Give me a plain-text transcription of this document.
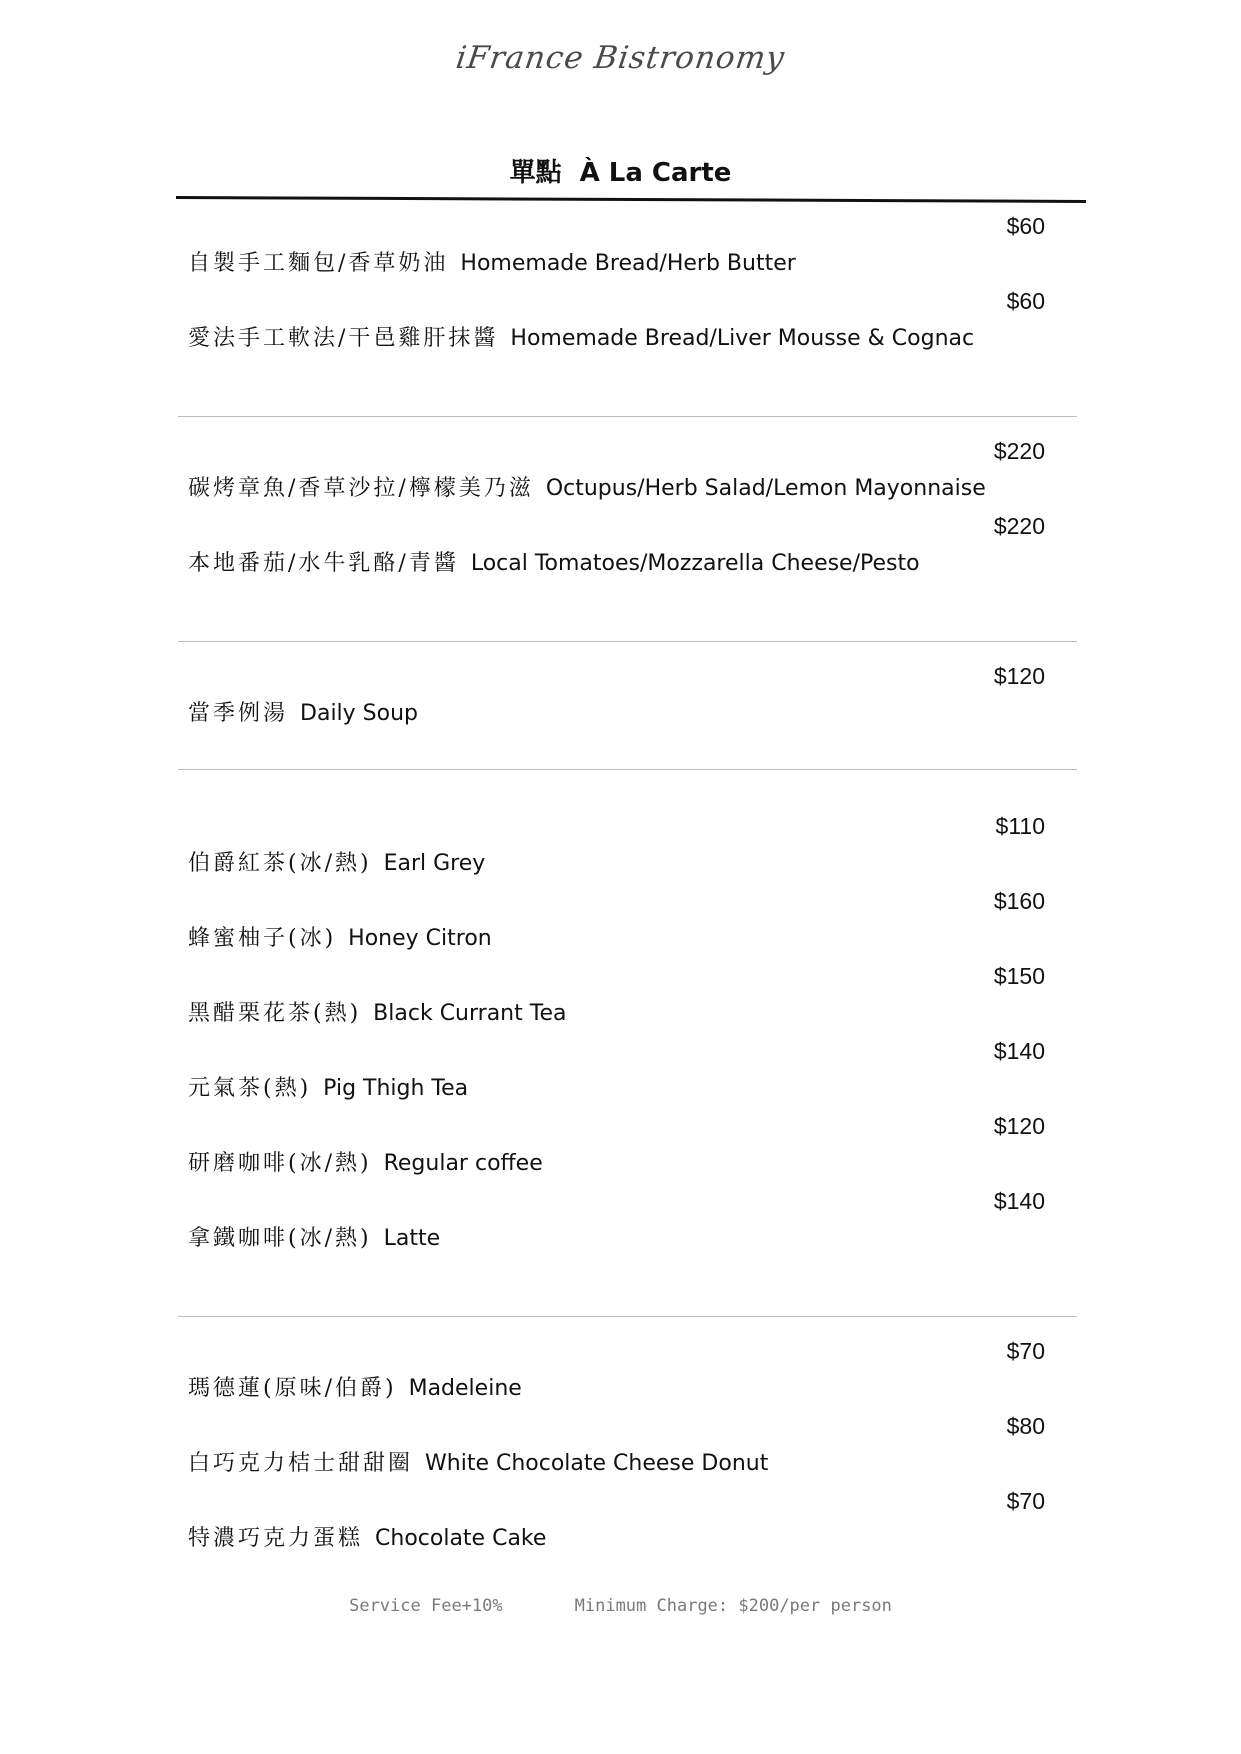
iFrance Bistronomy
單點 À La Carte
$60
自製手工麵包/香草奶油 Homemade Bread/Herb Butter
$60
愛法手工軟法/干邑雞肝抹醬 Homemade Bread/Liver Mousse & Cognac
$220
碳烤章魚/香草沙拉/檸檬美乃滋 Octupus/Herb Salad/Lemon Mayonnaise
$220
本地番茄/水牛乳酪/青醬 Local Tomatoes/Mozzarella Cheese/Pesto
$120
當季例湯 Daily Soup
$110
伯爵紅茶(冰/熱) Earl Grey
$160
蜂蜜柚子(冰) Honey Citron
$150
黑醋栗花茶(熱) Black Currant Tea
$140
元氣茶(熱) Pig Thigh Tea
$120
研磨咖啡(冰/熱) Regular coffee
$140
拿鐵咖啡(冰/熱) Latte
$70
瑪德蓮(原味/伯爵) Madeleine
$80
白巧克力桔士甜甜圈 White Chocolate Cheese Donut
$70
特濃巧克力蛋糕 Chocolate Cake
Service Fee+10%	Minimum Charge: $200/per person
